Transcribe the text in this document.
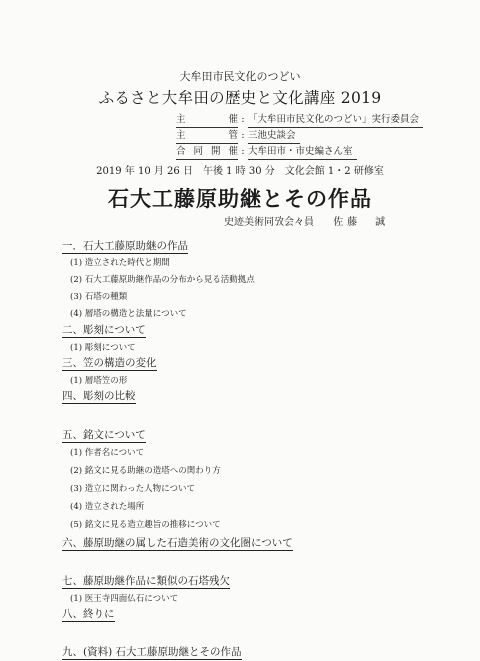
大牟田市民文化のつどい
ふるさと大牟田の歴史と文化講座 2019
主 催 : 「大牟田市民文化のつどい」実行委員会
主 管 : 三池史談会
合同開催 : 大牟田市・市史編さん室
2019 年 10 月 26 日　午後 1 時 30 分　文化会館 1・2 研修室
石大工藤原助継とその作品
史迹美術同攷会々員 佐藤　誠
一．石大工藤原助継の作品
(1) 造立された時代と期間
(2) 石大工藤原助継作品の分布から見る活動拠点
(3) 石塔の種類
(4) 層塔の構造と法量について
二、彫刻について
(1) 彫刻について
三、笠の構造の変化
(1) 層塔笠の形
四、彫刻の比較
五、銘文について
(1) 作者名について
(2) 銘文に見る助継の造塔への関わり方
(3) 造立に関わった人物について
(4) 造立された場所
(5) 銘文に見る造立趣旨の推移について
六、藤原助継の属した石造美術の文化圏について
七、藤原助継作品に類似の石塔残欠
(1) 医王寺四面仏石について
八、終りに
九、(資料) 石大工藤原助継とその作品
